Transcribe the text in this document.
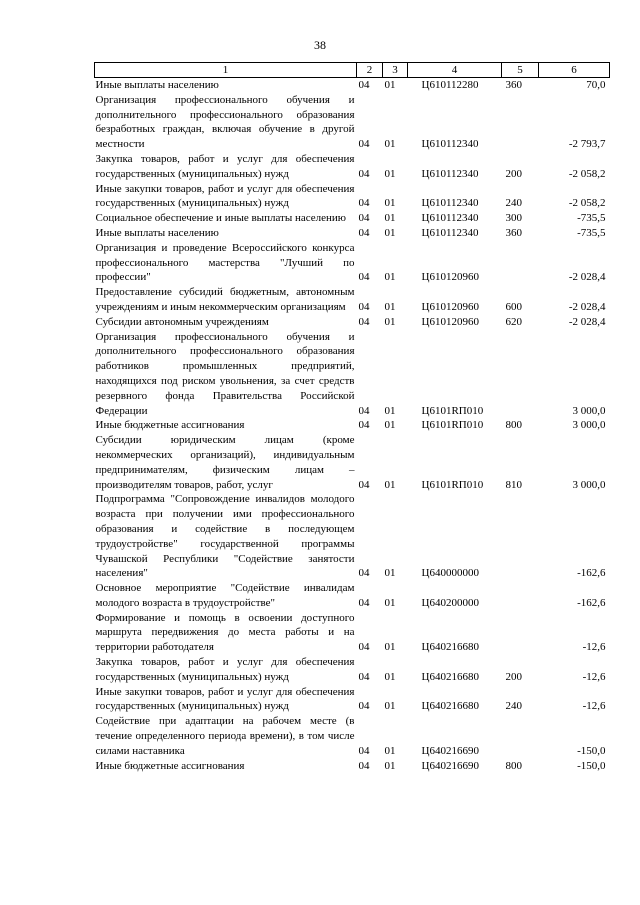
38
1	2	3	4	5	6
Иные выплаты населению	04	01	Ц610112280	360	70,0
Организация профессионального обучения и дополнительного профессионального образования безработных граждан, включая обучение в другой местности	04	01	Ц610112340		-2 793,7
Закупка товаров, работ и услуг для обеспечения государственных (муниципальных) нужд	04	01	Ц610112340	200	-2 058,2
Иные закупки товаров, работ и услуг для обеспечения государственных (муниципальных) нужд	04	01	Ц610112340	240	-2 058,2
Социальное обеспечение и иные выплаты населению	04	01	Ц610112340	300	-735,5
Иные выплаты населению	04	01	Ц610112340	360	-735,5
Организация и проведение Всероссийского конкурса профессионального мастерства "Лучший по профессии"	04	01	Ц610120960		-2 028,4
Предоставление субсидий бюджетным, автономным учреждениям и иным некоммерческим организациям	04	01	Ц610120960	600	-2 028,4
Субсидии автономным учреждениям	04	01	Ц610120960	620	-2 028,4
Организация профессионального обучения и дополнительного профессионального образования работников промышленных предприятий, находящихся под риском увольнения, за счет средств резервного фонда Правительства Российской Федерации	04	01	Ц6101RП010		3 000,0
Иные бюджетные ассигнования	04	01	Ц6101RП010	800	3 000,0
Субсидии юридическим лицам (кроме некоммерческих организаций), индивидуальным предпринимателям, физическим лицам – производителям товаров, работ, услуг	04	01	Ц6101RП010	810	3 000,0
Подпрограмма "Сопровождение инвалидов молодого возраста при получении ими профессионального образования и содействие в последующем трудоустройстве" государственной программы Чувашской Республики "Содействие занятости населения"	04	01	Ц640000000		-162,6
Основное мероприятие "Содействие инвалидам молодого возраста в трудоустройстве"	04	01	Ц640200000		-162,6
Формирование и помощь в освоении доступного маршрута передвижения до места работы и на территории работодателя	04	01	Ц640216680		-12,6
Закупка товаров, работ и услуг для обеспечения государственных (муниципальных) нужд	04	01	Ц640216680	200	-12,6
Иные закупки товаров, работ и услуг для обеспечения государственных (муниципальных) нужд	04	01	Ц640216680	240	-12,6
Содействие при адаптации на рабочем месте (в течение определенного периода времени), в том числе силами наставника	04	01	Ц640216690		-150,0
Иные бюджетные ассигнования	04	01	Ц640216690	800	-150,0
